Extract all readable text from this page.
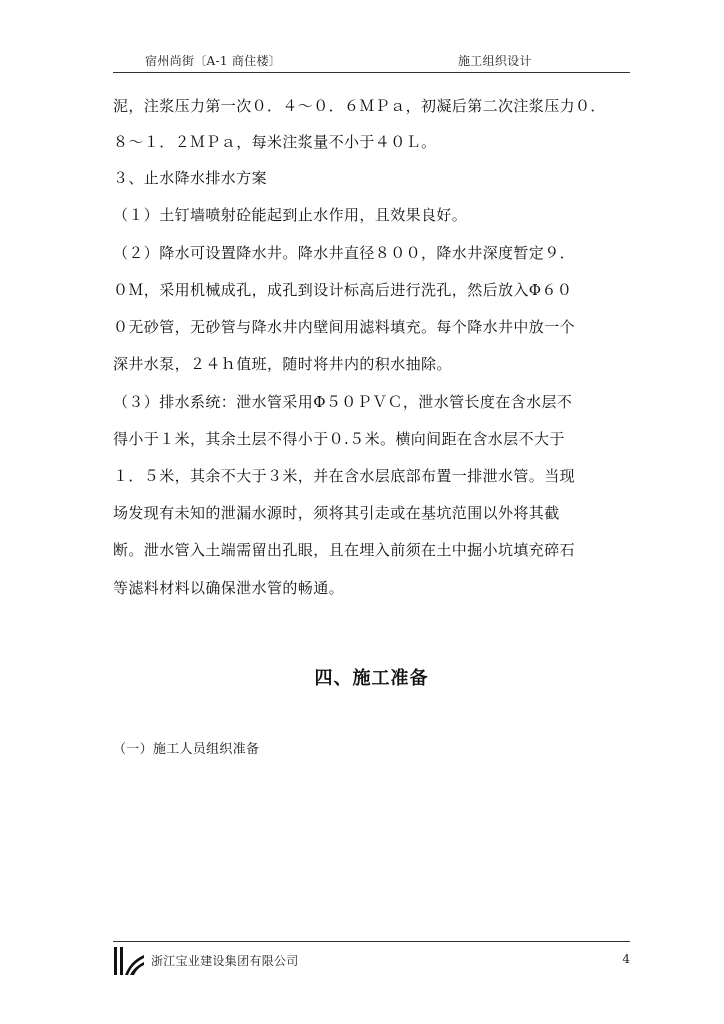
宿州尚街〔A-1 商住楼〕	施工组织设计
泥，注浆压力第一次０．４～０．６ＭＰａ，初凝后第二次注浆压力０．
８～１．２ＭＰａ，每米注浆量不小于４０Ｌ。
３、止水降水排水方案
（１）土钉墙喷射砼能起到止水作用，且效果良好。
（２）降水可设置降水井。降水井直径８００，降水井深度暂定９．
０Ｍ，采用机械成孔，成孔到设计标高后进行洗孔，然后放入Φ６０
０无砂管，无砂管与降水井内壁间用滤料填充。每个降水井中放一个
深井水泵，２４ｈ值班，随时将井内的积水抽除。
（３）排水系统：泄水管采用Φ５０ＰＶＣ，泄水管长度在含水层不
得小于１米，其余土层不得小于０.５米。横向间距在含水层不大于
１．５米，其余不大于３米，并在含水层底部布置一排泄水管。当现
场发现有未知的泄漏水源时，须将其引走或在基坑范围以外将其截
断。泄水管入土端需留出孔眼，且在埋入前须在土中掘小坑填充碎石
等滤料材料以确保泄水管的畅通。
四、施工准备
（一）施工人员组织准备
浙江宝业建设集团有限公司	4
